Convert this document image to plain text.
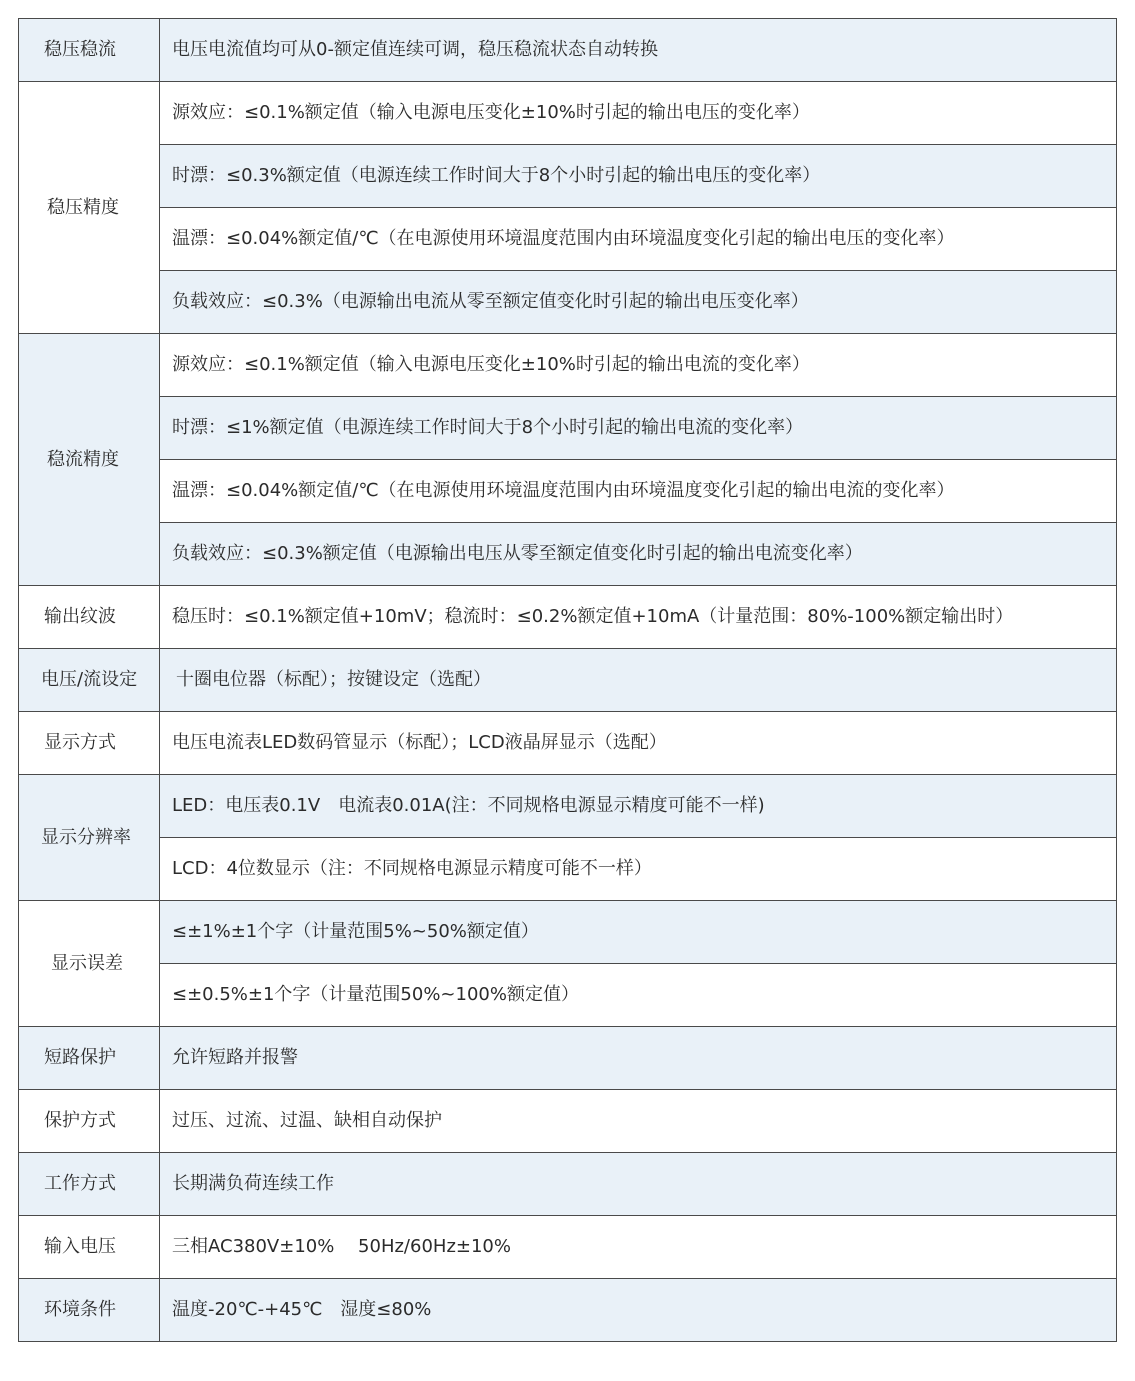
稳压稳流	电压电流值均可从0-额定值连续可调，稳压稳流状态自动转换
稳压精度	源效应：≤0.1%额定值（输入电源电压变化±10%时引起的输出电压的变化率）
	时漂：≤0.3%额定值（电源连续工作时间大于8个小时引起的输出电压的变化率）
	温漂：≤0.04%额定值/℃（在电源使用环境温度范围内由环境温度变化引起的输出电压的变化率）
	负载效应：≤0.3%（电源输出电流从零至额定值变化时引起的输出电压变化率）
稳流精度	源效应：≤0.1%额定值（输入电源电压变化±10%时引起的输出电流的变化率）
	时漂：≤1%额定值（电源连续工作时间大于8个小时引起的输出电流的变化率）
	温漂：≤0.04%额定值/℃（在电源使用环境温度范围内由环境温度变化引起的输出电流的变化率）
	负载效应：≤0.3%额定值（电源输出电压从零至额定值变化时引起的输出电流变化率）
输出纹波	稳压时：≤0.1%额定值+10mV；稳流时：≤0.2%额定值+10mA（计量范围：80%-100%额定输出时）
电压/流设定	十圈电位器（标配）；按键设定（选配）
显示方式	电压电流表LED数码管显示（标配）；LCD液晶屏显示（选配）
显示分辨率	LED：电压表0.1V　电流表0.01A(注：不同规格电源显示精度可能不一样)
	LCD：4位数显示（注：不同规格电源显示精度可能不一样）
显示误差	≤±1%±1个字（计量范围5%~50%额定值）
	≤±0.5%±1个字（计量范围50%~100%额定值）
短路保护	允许短路并报警
保护方式	过压、过流、过温、缺相自动保护
工作方式	长期满负荷连续工作
输入电压	三相AC380V±10%　 50Hz/60Hz±10%
环境条件	温度-20℃-+45℃　湿度≤80%
